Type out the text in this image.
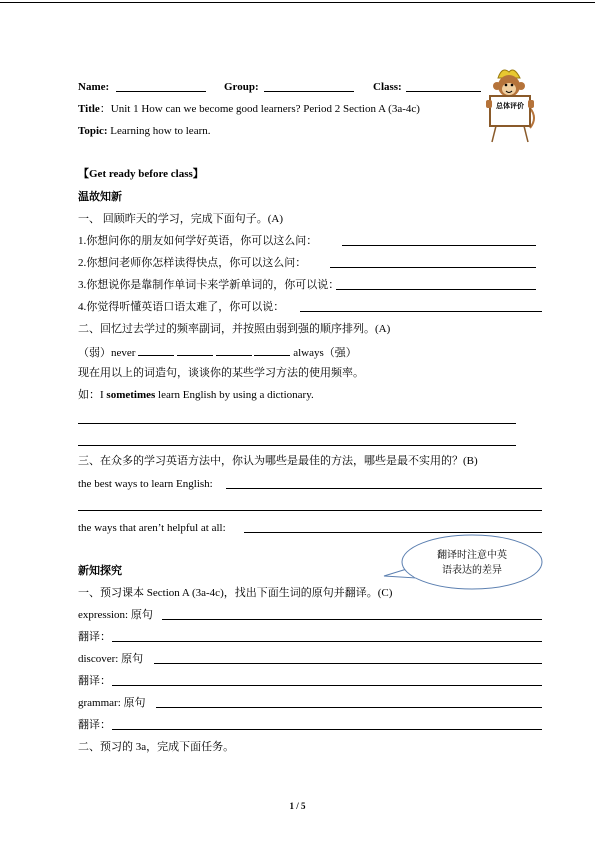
Name:	Group:	Class:
Title：Unit 1 How can we become good learners? Period 2 Section A (3a-4c)
Topic: Learning how to learn.
总体评价
【Get ready before class】
温故知新
一、 回顾昨天的学习，完成下面句子。(A)
1.你想问你的朋友如何学好英语，你可以这么问：
2.你想问老师你怎样读得快点，你可以这么问：
3.你想说你是靠制作单词卡来学新单词的，你可以说：
4.你觉得听懂英语口语太难了，你可以说：
二、回忆过去学过的频率副词，并按照由弱到强的顺序排列。(A)
（弱）never	always（强）
现在用以上的词造句，谈谈你的某些学习方法的使用频率。
如：I sometimes learn English by using a dictionary.
三、在众多的学习英语方法中，你认为哪些是最佳的方法，哪些是最不实用的？(B)
the best ways to learn English:
the ways that aren’t helpful at all:
翻译时注意中英
语表达的差异
新知探究
一、预习课本 Section A (3a-4c)，找出下面生词的原句并翻译。(C)
expression: 原句
翻译：
discover: 原句
翻译：
grammar: 原句
翻译：
二、预习的 3a，完成下面任务。
1 / 5
